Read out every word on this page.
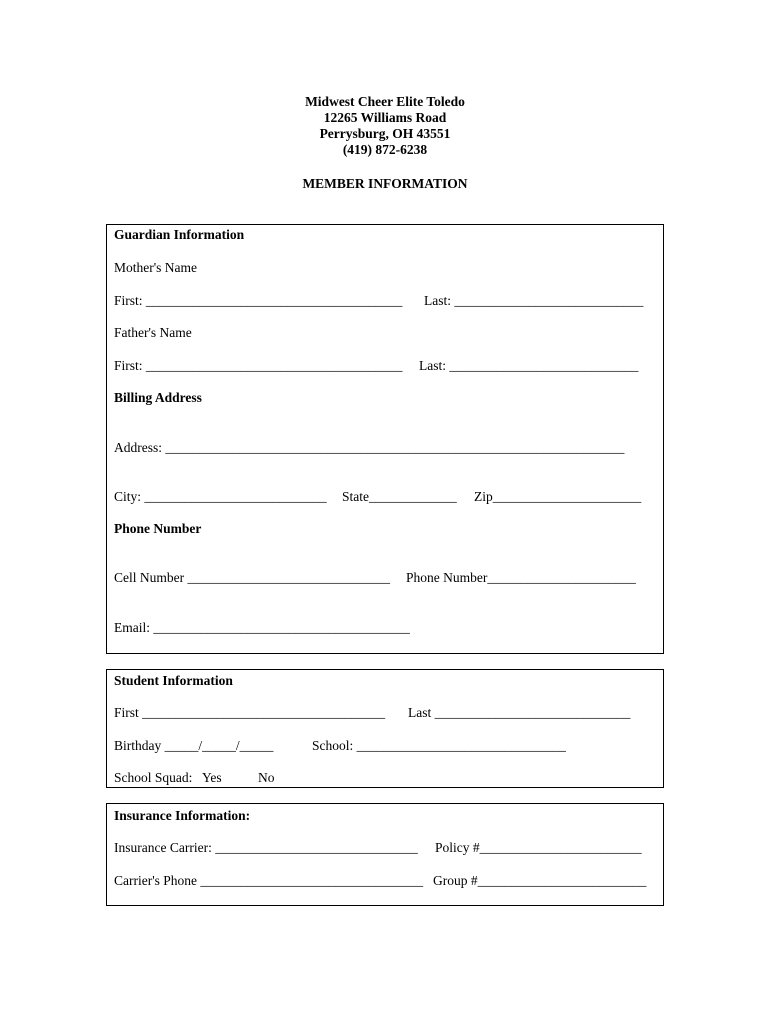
Midwest Cheer Elite Toledo
12265 Williams Road
Perrysburg, OH 43551
(419) 872-6238
MEMBER INFORMATION
Guardian Information
Mother's Name
First: ______________________________________ Last: ____________________________
Father's Name
First: ______________________________________ Last: ____________________________
Billing Address
Address: ____________________________________________________________________
City: ___________________________ State_____________ Zip______________________
Phone Number
Cell Number ______________________________ Phone Number______________________
Email: ______________________________________
Student Information
First ____________________________________ Last _____________________________
Birthday _____/_____/_____	School: _______________________________
School Squad: Yes	No
Insurance Information:
Insurance Carrier: ______________________________ Policy #________________________
Carrier's Phone _________________________________ Group #_________________________
